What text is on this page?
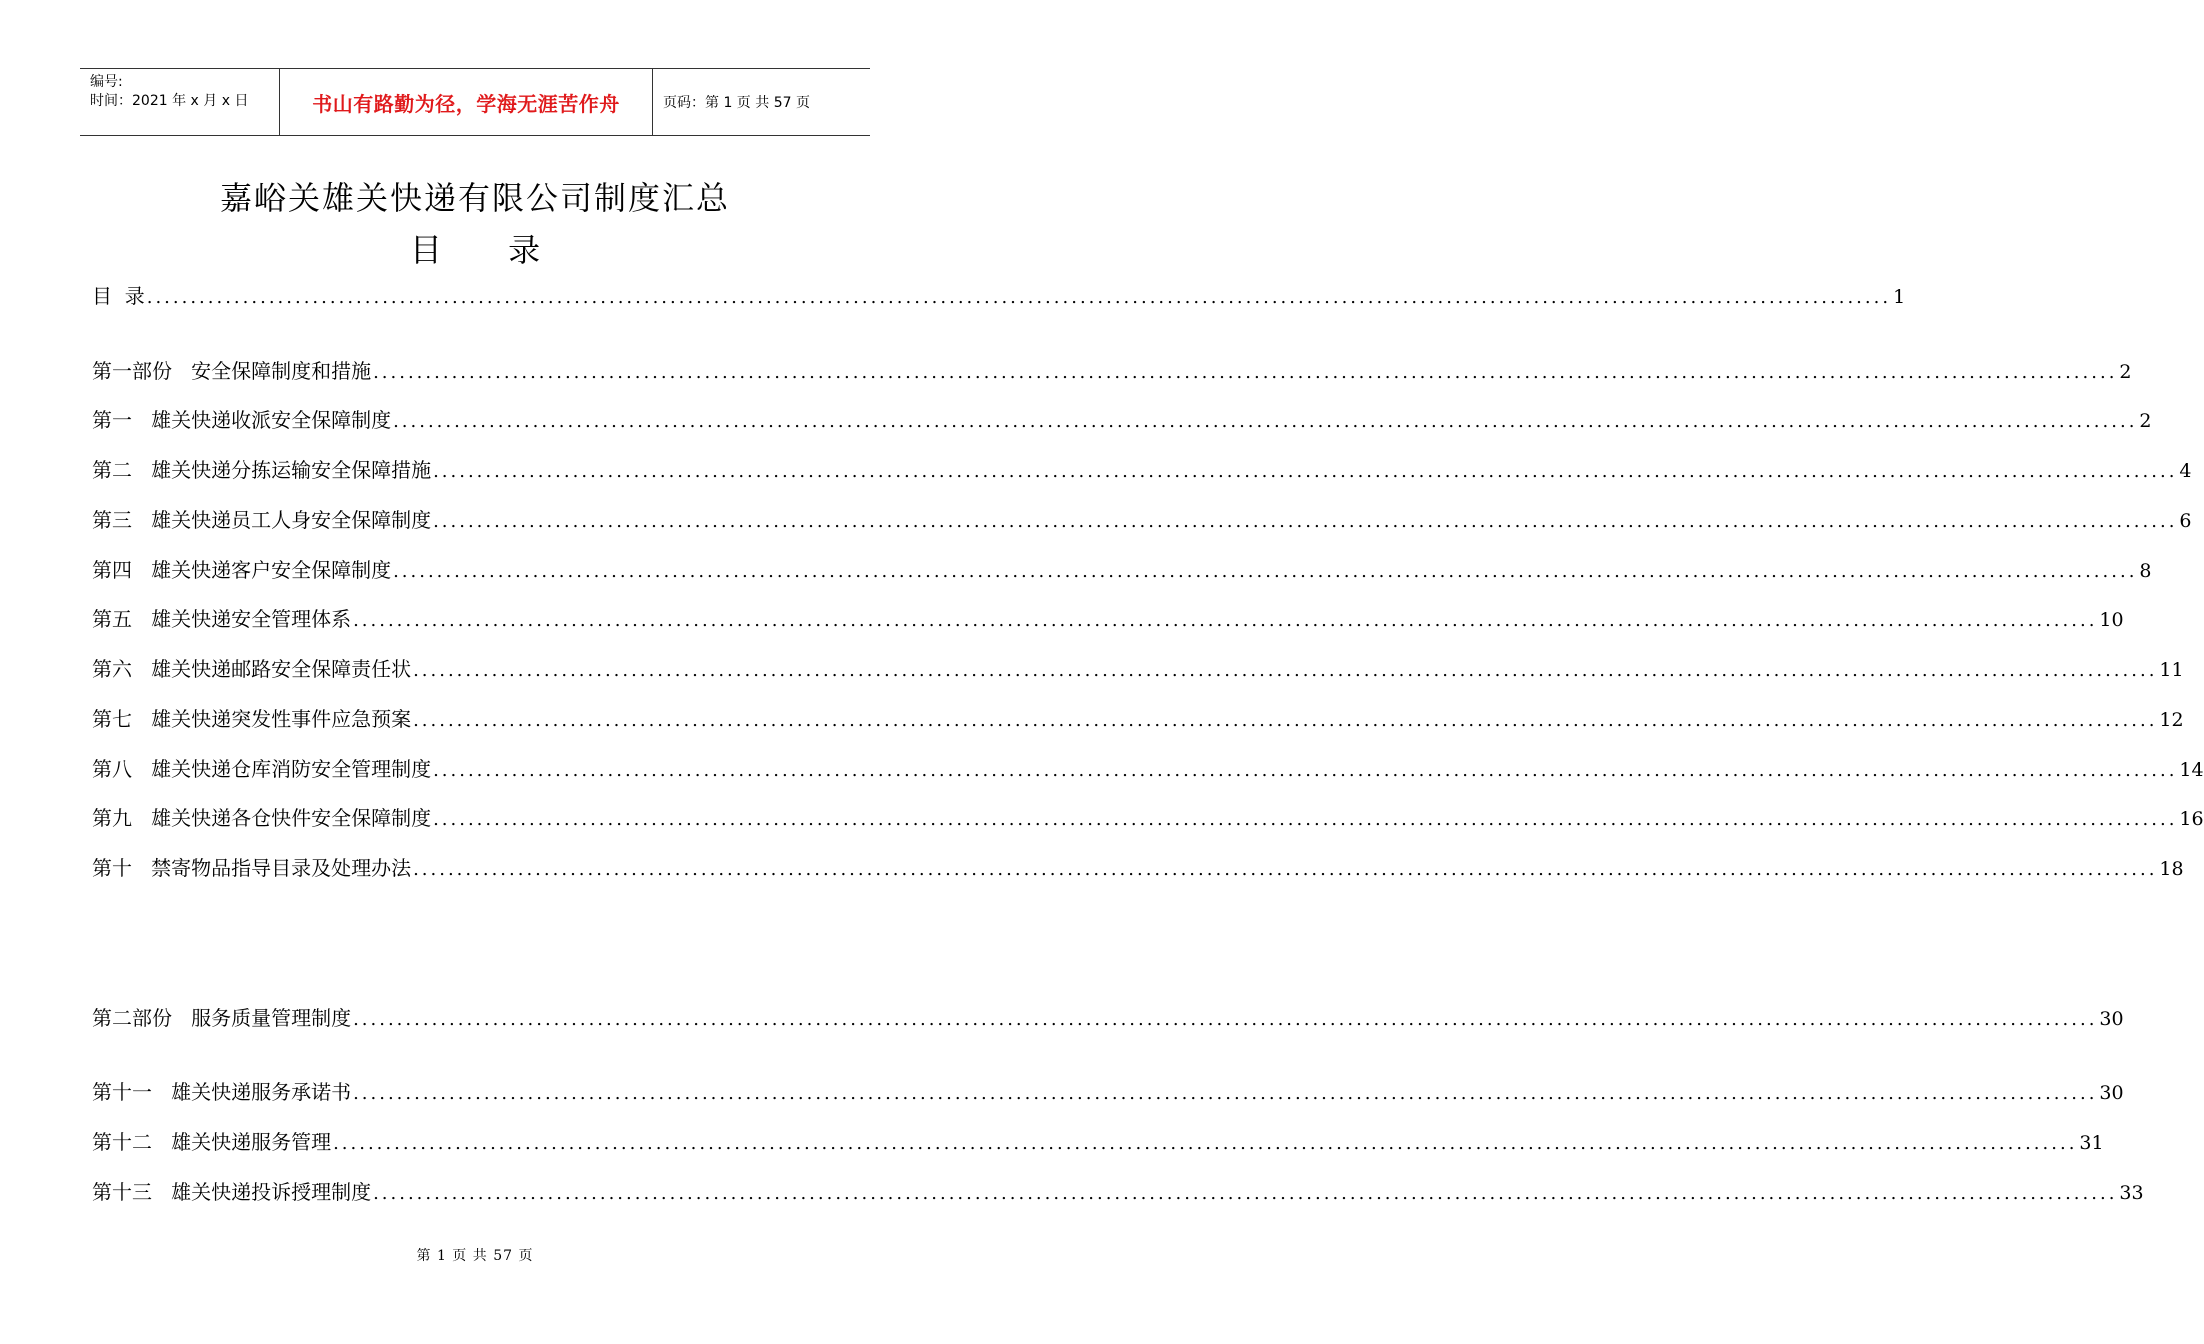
编号:
时间：2021 年 x 月 x 日	书山有路勤为径，学海无涯苦作舟	页码：第 1 页 共 57 页
嘉峪关雄关快递有限公司制度汇总
目 录
目  录 ........................................................................................................................................................................................................ 1
第一部份 安全保障制度和措施 ........................................................................................................................................................................................................ 2
第一 雄关快递收派安全保障制度 ........................................................................................................................................................................................................ 2
第二 雄关快递分拣运输安全保障措施 ........................................................................................................................................................................................................ 4
第三 雄关快递员工人身安全保障制度 ........................................................................................................................................................................................................ 6
第四 雄关快递客户安全保障制度 ........................................................................................................................................................................................................ 8
第五 雄关快递安全管理体系 ........................................................................................................................................................................................................ 10
第六 雄关快递邮路安全保障责任状 ........................................................................................................................................................................................................ 11
第七 雄关快递突发性事件应急预案 ........................................................................................................................................................................................................ 12
第八 雄关快递仓库消防安全管理制度 ........................................................................................................................................................................................................ 14
第九 雄关快递各仓快件安全保障制度 ........................................................................................................................................................................................................ 16
第十 禁寄物品指导目录及处理办法 ........................................................................................................................................................................................................ 18
第二部份 服务质量管理制度 ........................................................................................................................................................................................................ 30
第十一 雄关快递服务承诺书 ........................................................................................................................................................................................................ 30
第十二 雄关快递服务管理 ........................................................................................................................................................................................................ 31
第十三 雄关快递投诉授理制度 ........................................................................................................................................................................................................ 33
第 1 页 共 57 页
